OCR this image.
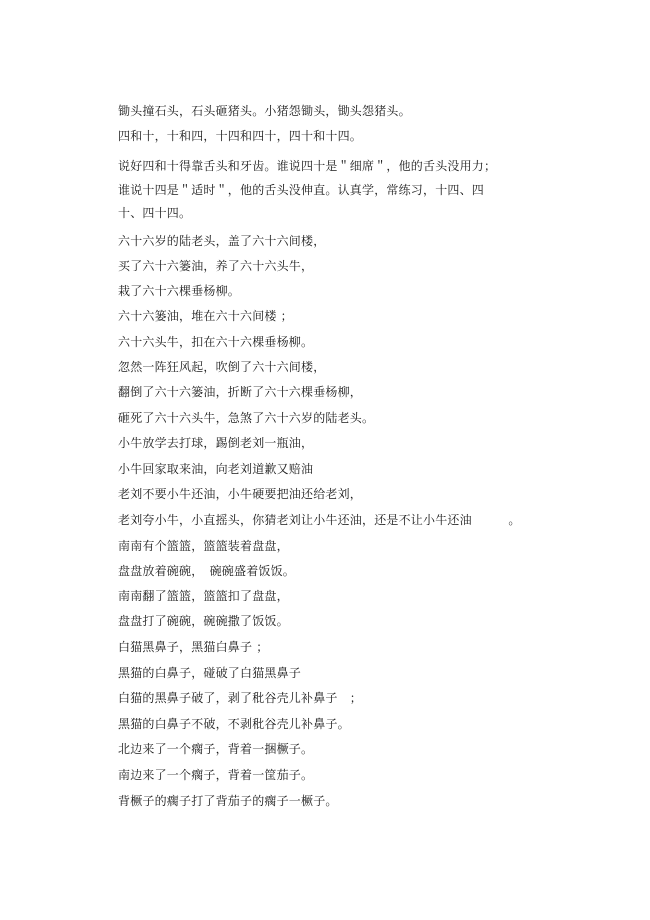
锄头撞石头，石头砸猪头。小猪怨锄头，锄头怨猪头。
四和十，十和四，十四和四十，四十和十四。
说好四和十得靠舌头和牙齿。谁说四十是＂细席＂，他的舌头没用力；
谁说十四是＂适时＂，他的舌头没伸直。认真学，常练习，十四、四
十、四十四。
六十六岁的陆老头，盖了六十六间楼，
买了六十六篓油，养了六十六头牛，
栽了六十六棵垂杨柳。
六十六篓油，堆在六十六间楼 ；
六十六头牛，扣在六十六棵垂杨柳。
忽然一阵狂风起，吹倒了六十六间楼，
翻倒了六十六篓油，折断了六十六棵垂杨柳，
砸死了六十六头牛，急煞了六十六岁的陆老头。
小牛放学去打球，踢倒老刘一瓶油，
小牛回家取来油，向老刘道歉又赔油
老刘不要小牛还油，小牛硬要把油还给老刘，
老刘夸小牛，小直摇头，你猜老刘让小牛还油，还是不让小牛还油　　　。
南南有个篮篮，篮篮装着盘盘，
盘盘放着碗碗，　碗碗盛着饭饭。
南南翻了篮篮，篮篮扣了盘盘，
盘盘打了碗碗，碗碗撒了饭饭。
白猫黑鼻子，黑猫白鼻子 ；
黑猫的白鼻子，碰破了白猫黑鼻子
白猫的黑鼻子破了，剥了秕谷壳儿补鼻子　；
黑猫的白鼻子不破，不剥秕谷壳儿补鼻子。
北边来了一个瘸子，背着一捆橛子。
南边来了一个瘸子，背着一筐茄子。
背橛子的瘸子打了背茄子的瘸子一橛子。
